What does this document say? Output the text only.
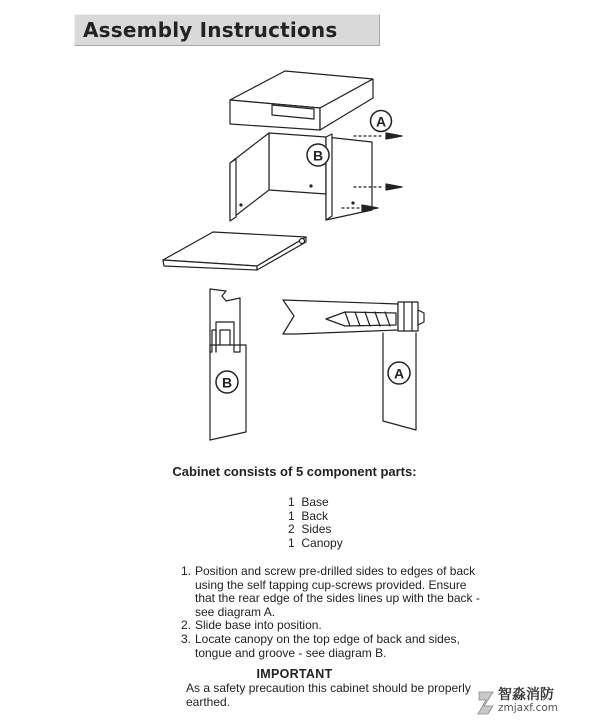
Assembly Instructions
A
B
B
A
Cabinet consists of 5 component parts:
1 Base
1 Back
2 Sides
1 Canopy
1. Position and screw pre-drilled sides to edges of back using the self tapping cup-screws provided. Ensure that the rear edge of the sides lines up with the back - see diagram A.
2. Slide base into position.
3. Locate canopy on the top edge of back and sides, tongue and groove - see diagram B.
IMPORTANT
As a safety precaution this cabinet should be properly earthed.	智淼消防
zmjaxf.com
